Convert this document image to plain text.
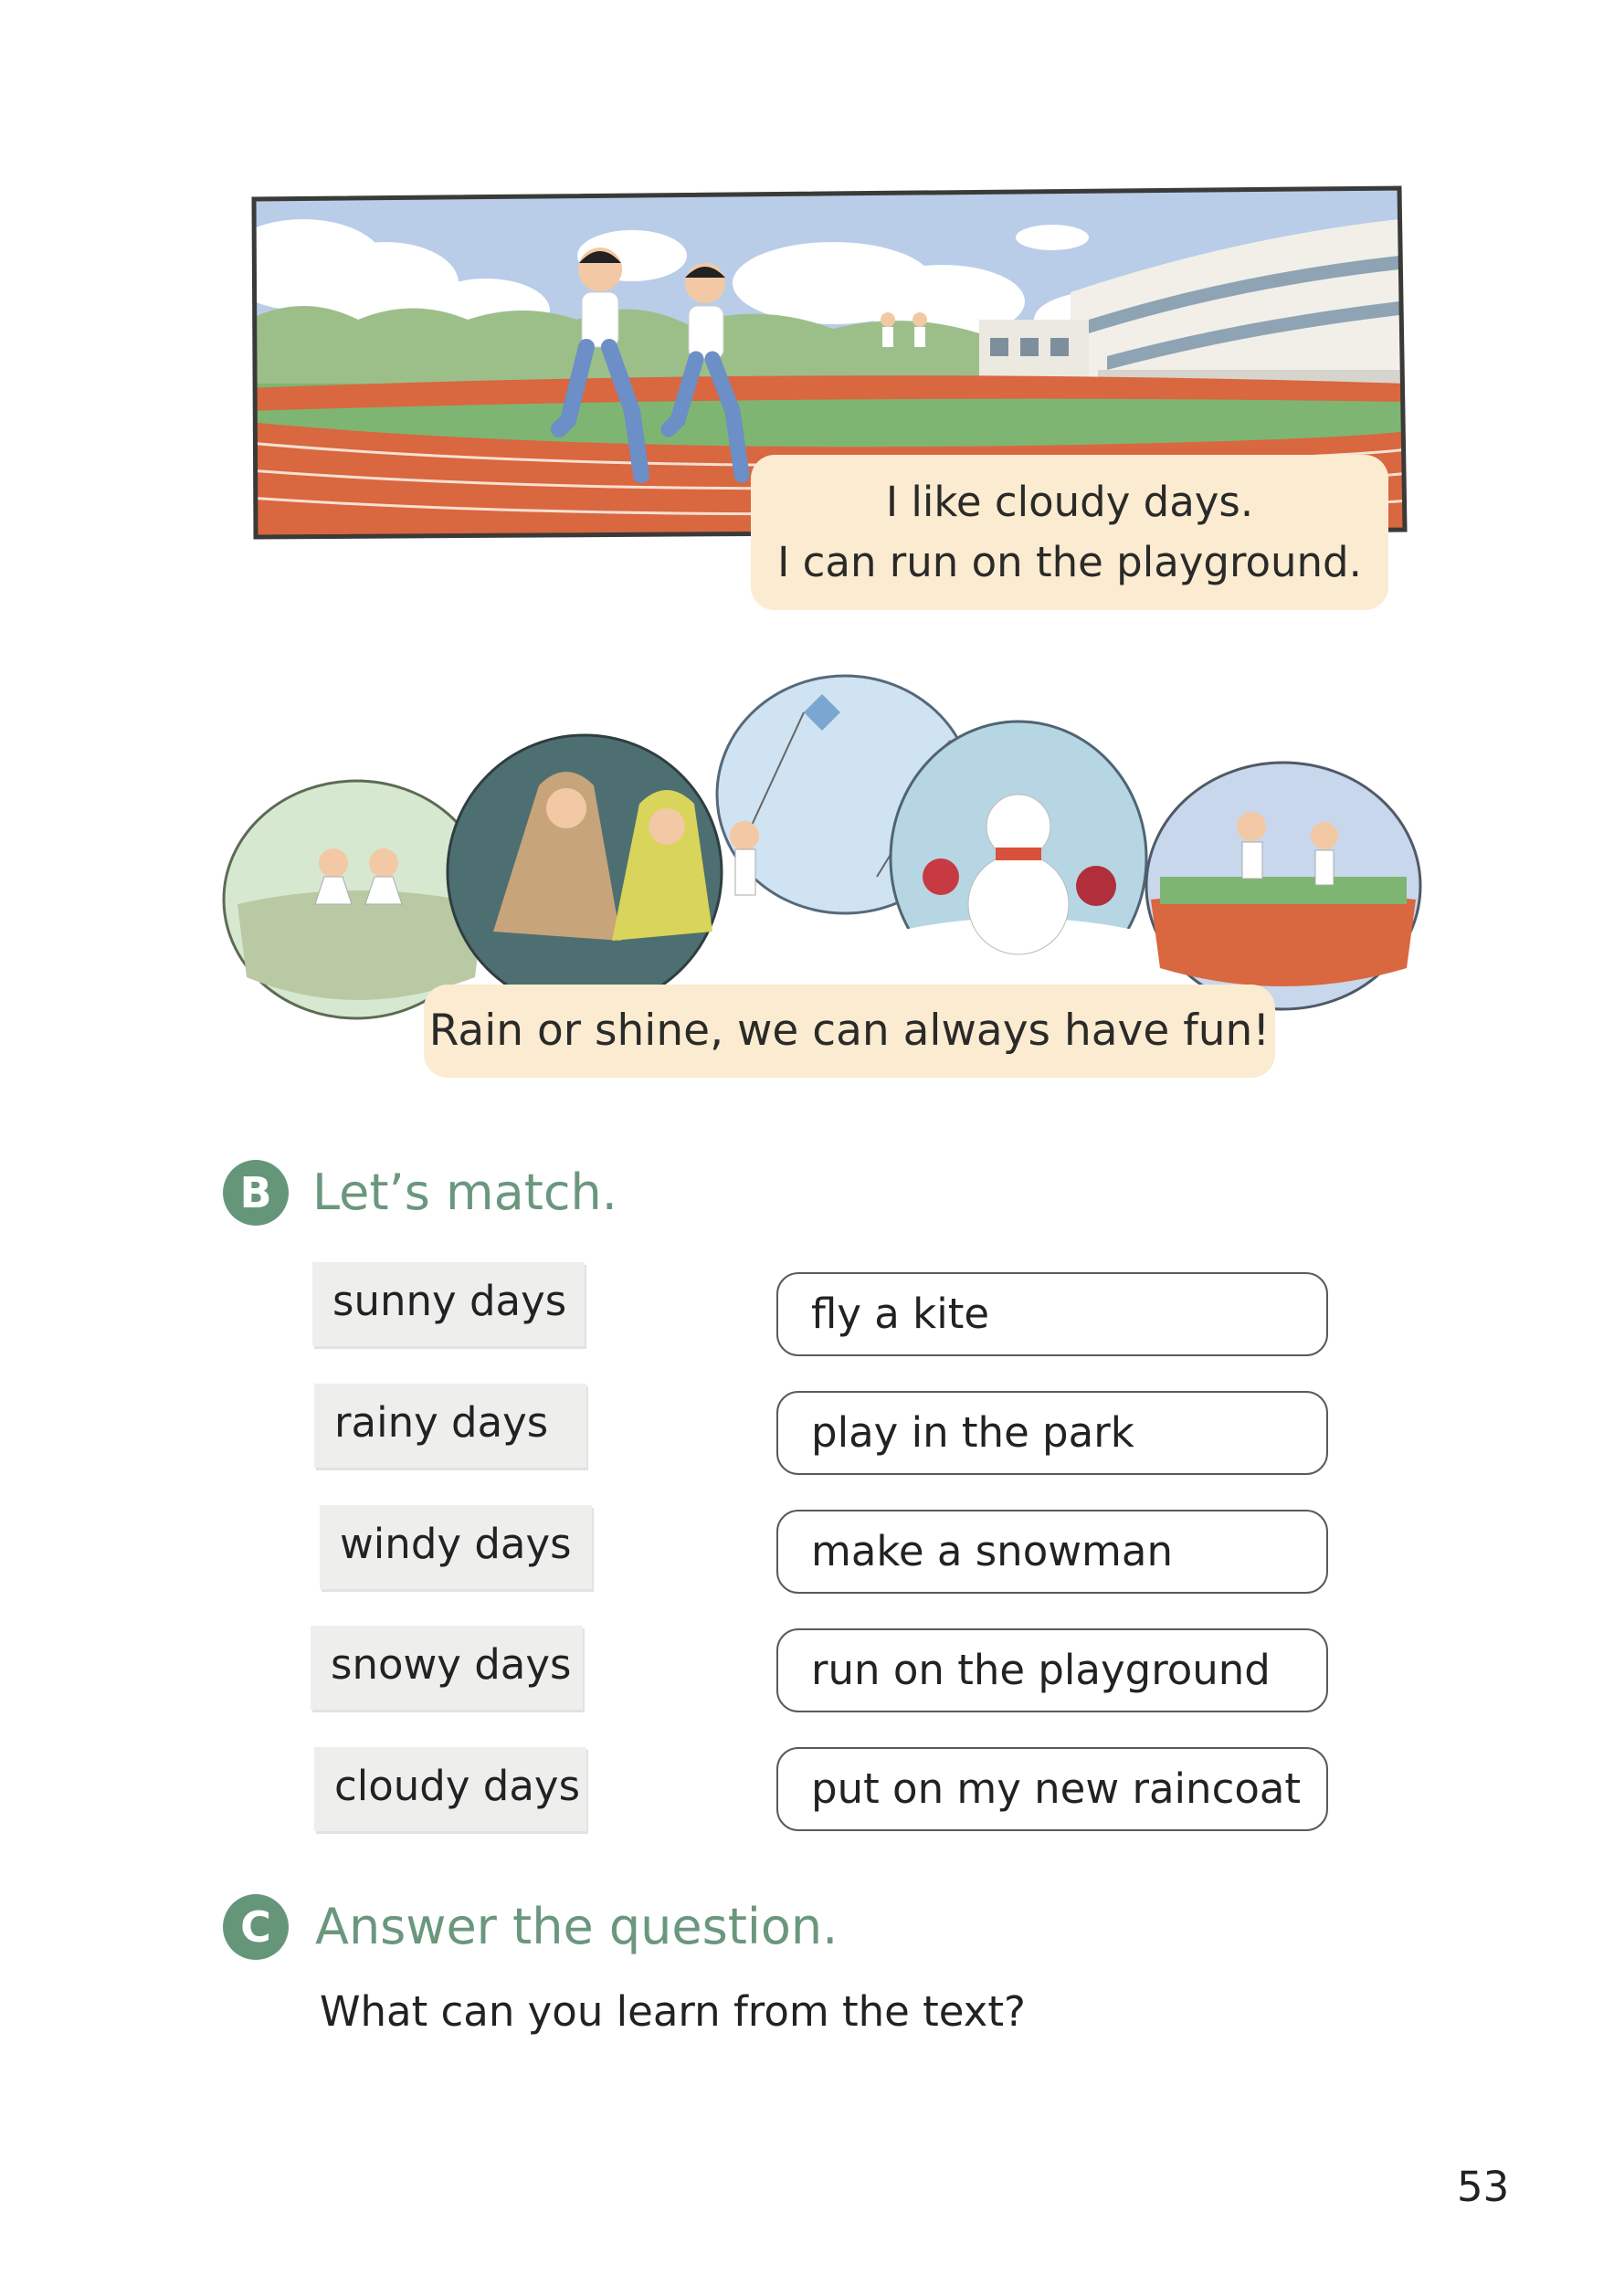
I like cloudy days.
I can run on the playground.
Rain or shine, we can always have fun!
B Let’s match.
sunny days
rainy days
windy days
snowy days
cloudy days
fly a kite
play in the park
make a snowman
run on the playground
put on my new raincoat
C Answer the question.
What can you learn from the text?
53
